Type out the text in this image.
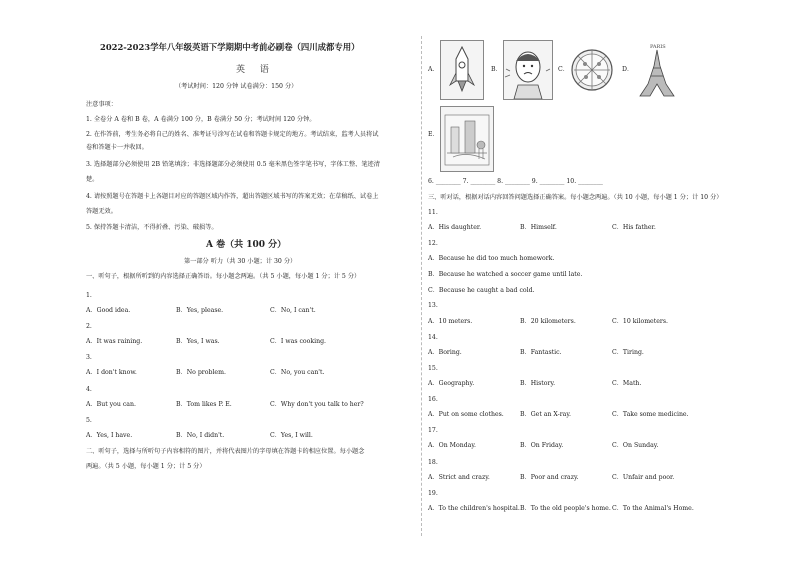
2022-2023学年八年级英语下学期期中考前必刷卷（四川成都专用）
英 语
（考试时间：120 分钟 试卷满分：150 分）
注意事项：
1. 全卷分 A 卷和 B 卷，A 卷满分 100 分，B 卷满分 50 分；考试时间 120 分钟。
2. 在作答前，考生务必将自己的姓名、准考证号涂写在试卷和答题卡规定的地方。考试结束，监考人员将试
卷和答题卡一并收回。
3. 选择题部分必须使用 2B 铅笔填涂；非选择题部分必须使用 0.5 毫米黑色签字笔书写，字体工整、笔迹清
楚。
4. 请按照题号在答题卡上各题目对应的答题区域内作答，超出答题区域书写的答案无效；在草稿纸、试卷上
答题无效。
5. 保持答题卡清洁，不得折叠、污染、破损等。
A 卷（共 100 分）
第一部分 听力（共 30 小题；计 30 分）
一、听句子，根据所听到的内容选择正确答语。每小题念两遍。（共 5 小题，每小题 1 分；计 5 分）
1.
A．Good idea.	B．Yes, please.	C．No, I can't.
2.
A．It was raining.	B．Yes, I was.	C．I was cooking.
3.
A．I don't know.	B．No problem.	C．No, you can't.
4.
A．But you can.	B．Tom likes P. E.	C．Why don't you talk to her?
5.
A．Yes, I have.	B．No, I didn't.	C．Yes, I will.
二、听句子，选择与所听句子内容相符的图片，并将代表图片的字母填在答题卡的相应位置。每小题念
两遍。（共 5 小题，每小题 1 分；计 5 分）
A．	B．	C．	D．
PARIS
E．
6. ________ 7. ________ 8. ________ 9. ________ 10. ________
三、听对话，根据对话内容回答问题选择正确答案。每小题念两遍。（共 10 小题，每小题 1 分；计 10 分）
11.
A．His daughter.	B．Himself.	C．His father.
12.
A．Because he did too much homework.
B．Because he watched a soccer game until late.
C．Because he caught a bad cold.
13.
A．10 meters.	B．20 kilometers.	C．10 kilometers.
14.
A．Boring.	B．Fantastic.	C．Tiring.
15.
A．Geography.	B．History.	C．Math.
16.
A．Put on some clothes.	B．Get an X-ray.	C．Take some medicine.
17.
A．On Monday.	B．On Friday.	C．On Sunday.
18.
A．Strict and crazy.	B．Poor and crazy.	C．Unfair and poor.
19.
A．To the children's hospital. B．To the old people's home. C．To the Animal's Home.
